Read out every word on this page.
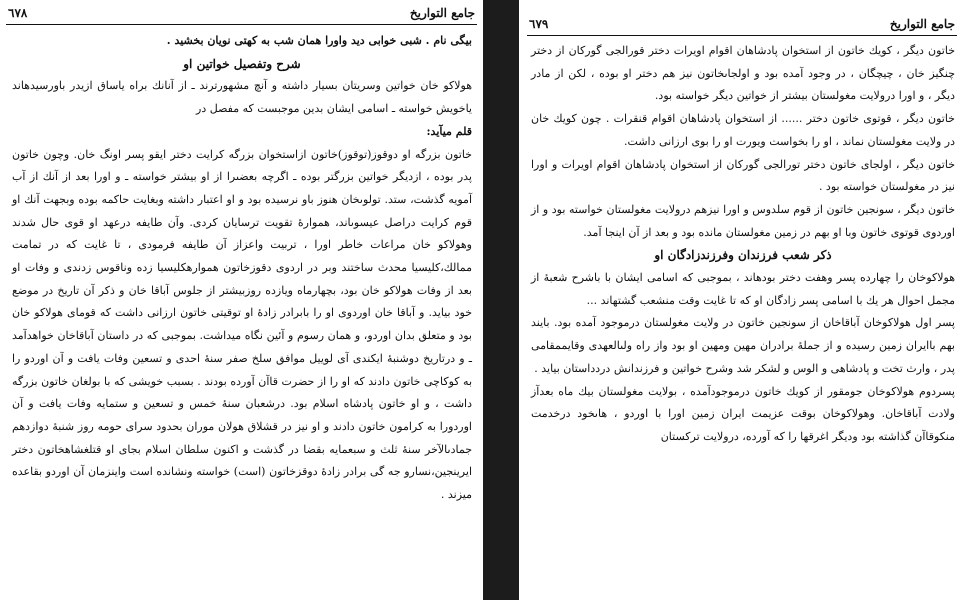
٦٧٨	جامع التواريخ

بيگى نام . شبى خوابى ديد واورا همان شب به كهتى نويان بخشيد .

شرح وتفصيل خواتين او

هولاكو خان خواتين وسريتان بسيار داشته و آنچ مشهورترند ـ از آنانك براه ياساق ازيدر باورسيدهاند ياخويش خواسته ـ اسامى ايشان بدين موجبست كه مفصل در

قلم ميآيد:

خاتون بزرگه او دوقوز(توقوز)خاتون ازاستخوان بزرگه كرايت دختر ايقو پسر اونگ خان. وچون خاتون پدر بوده ، ازديگر خواتين بزرگتر بوده ـ اگرچه بعضىرا از او بيشتر خواسته ـ و اورا بعد از آنك از آب آمويه گذشت، ستد. تولوىخان هنوز باو نرسيده بود و او اعتبار داشته وبغايت حاكمه بوده وبجهت آنك او قوم كرايت دراصل عيسوىاند، هموارهٔ تقويت ترسايان كردى. وآن طايفه درعهد او قوى حال شدند وهولاكو خان مراعات خاطر اورا ، تربيت واعزاز آن طايفه فرمودى ، تا غايت كه در تمامت ممالك،كليسيا محدث ساختند وبر در اردوى دقوزخاتون هموارهكليسيا زده وناقوس زدندى و وفات او بعد از وفات هولاكو خان بود، بچهارماه ويازده روزبيشتر از جلوس آباقا خان و ذكر آن تاريخ در موضع خود بيايد. و آباقا خان اوردوى او را بابرادر زادهٔ او توقيتى خاتون ارزانى داشت كه قوماى هولاكو خان بود و متعلق بدان اوردو، و همان رسوم و آئين نگاه ميداشت. بموجبى كه در داستان آباقاخان خواهدآمد ـ و درتاريخ دوشنبهٔ ايكندى آى لوييل موافق سلخ صفر سنهٔ احدى و تسعين وفات يافت و آن اوردو را به كوكاچى خاتون دادند كه او را از حضرت قاآن آورده بودند . بسبب خويشى كه با بولغان خاتون بزرگه داشت ، و او خاتون پادشاه اسلام بود. درشعبان سنهٔ خمس و تسعين و ستمايه وفات يافت و آن اوردورا به كرامون خاتون دادند و او نيز در قشلاق هولان موران بحدود سراى حومه روز شنبهٔ دوازدهم جمادىالآخر سنهٔ ثلث و سبعمايه بقضا در گذشت و اكنون سلطان اسلام بجاى او قتلغشاهخاتون دختر ايرينجين،نسارو جه گى برادر زادهٔ دوقزخاتون (است) خواسته ونشانده است واينزمان آن اوردو بقاعده ميزند .

٦٧٩	جامع التواريخ

خاتون ديگر ، كويك خاتون از استخوان پادشاهان اقوام اويرات دختر قورالجى گوركان از دختر چنگيز خان ، چيچگان ، در وجود آمده بود و اولجاىخاتون نيز هم دختر او بوده ، لكن از مادر ديگر ، و اورا درولايت مغولستان بيشتر از خواتين ديگر خواسته بود.

خاتون ديگر ، قوتوى خاتون دختر ...... از استخوان پادشاهان اقوام قنقرات . چون كويك خان در ولايت مغولستان نماند ، او را بخواست ويورت او را بوى ارزانى داشت.

خاتون ديگر ، اولجاى خاتون دختر تورالجى گوركان از استخوان پادشاهان اقوام اويرات و اورا نيز در مغولستان خواسته بود .

خاتون ديگر ، سونجين خاتون از قوم سلدوس و اورا نيزهم درولايت مغولستان خواسته بود و از اوردوى قوتوى خاتون وبا او بهم در زمين مغولستان مانده بود و بعد از آن اينجا آمد.

ذكر شعب فرزندان وفرزندزادگان او

هولاكوخان را چهارده پسر وهفت دختر بودهاند ، بموجبى كه اسامى ايشان با باشرح شعبهٔ از مجمل احوال هر يك با اسامى پسر زادگان او كه تا غايت وقت منشعب گشتهاند ...

پسر اول هولاكوخان آباقاخان از سونجين خاتون در ولايت مغولستان درموجود آمده بود. بايند بهم باايران زمين رسيده و از جملهٔ برادران مهين ومهين او بود واز راه ولىالعهدى وقايممقامى پدر ، وارث تخت و پادشاهى و الوس و لشكر شد وشرح خواتين و فرزندانش دردداستان بيايد .

پسردوم هولاكوخان جومقور از كويك خاتون درموجودآمده ، بولايت مغولستان بيك ماه بعدآز ولادت آباقاخان. وهولاكوخان بوقت عزيمت ايران زمين اورا با اوردو ، هاىخود درخدمت منكوقاآن گذاشته بود وديگر اغرقها را كه آورده، درولايت تركستان
